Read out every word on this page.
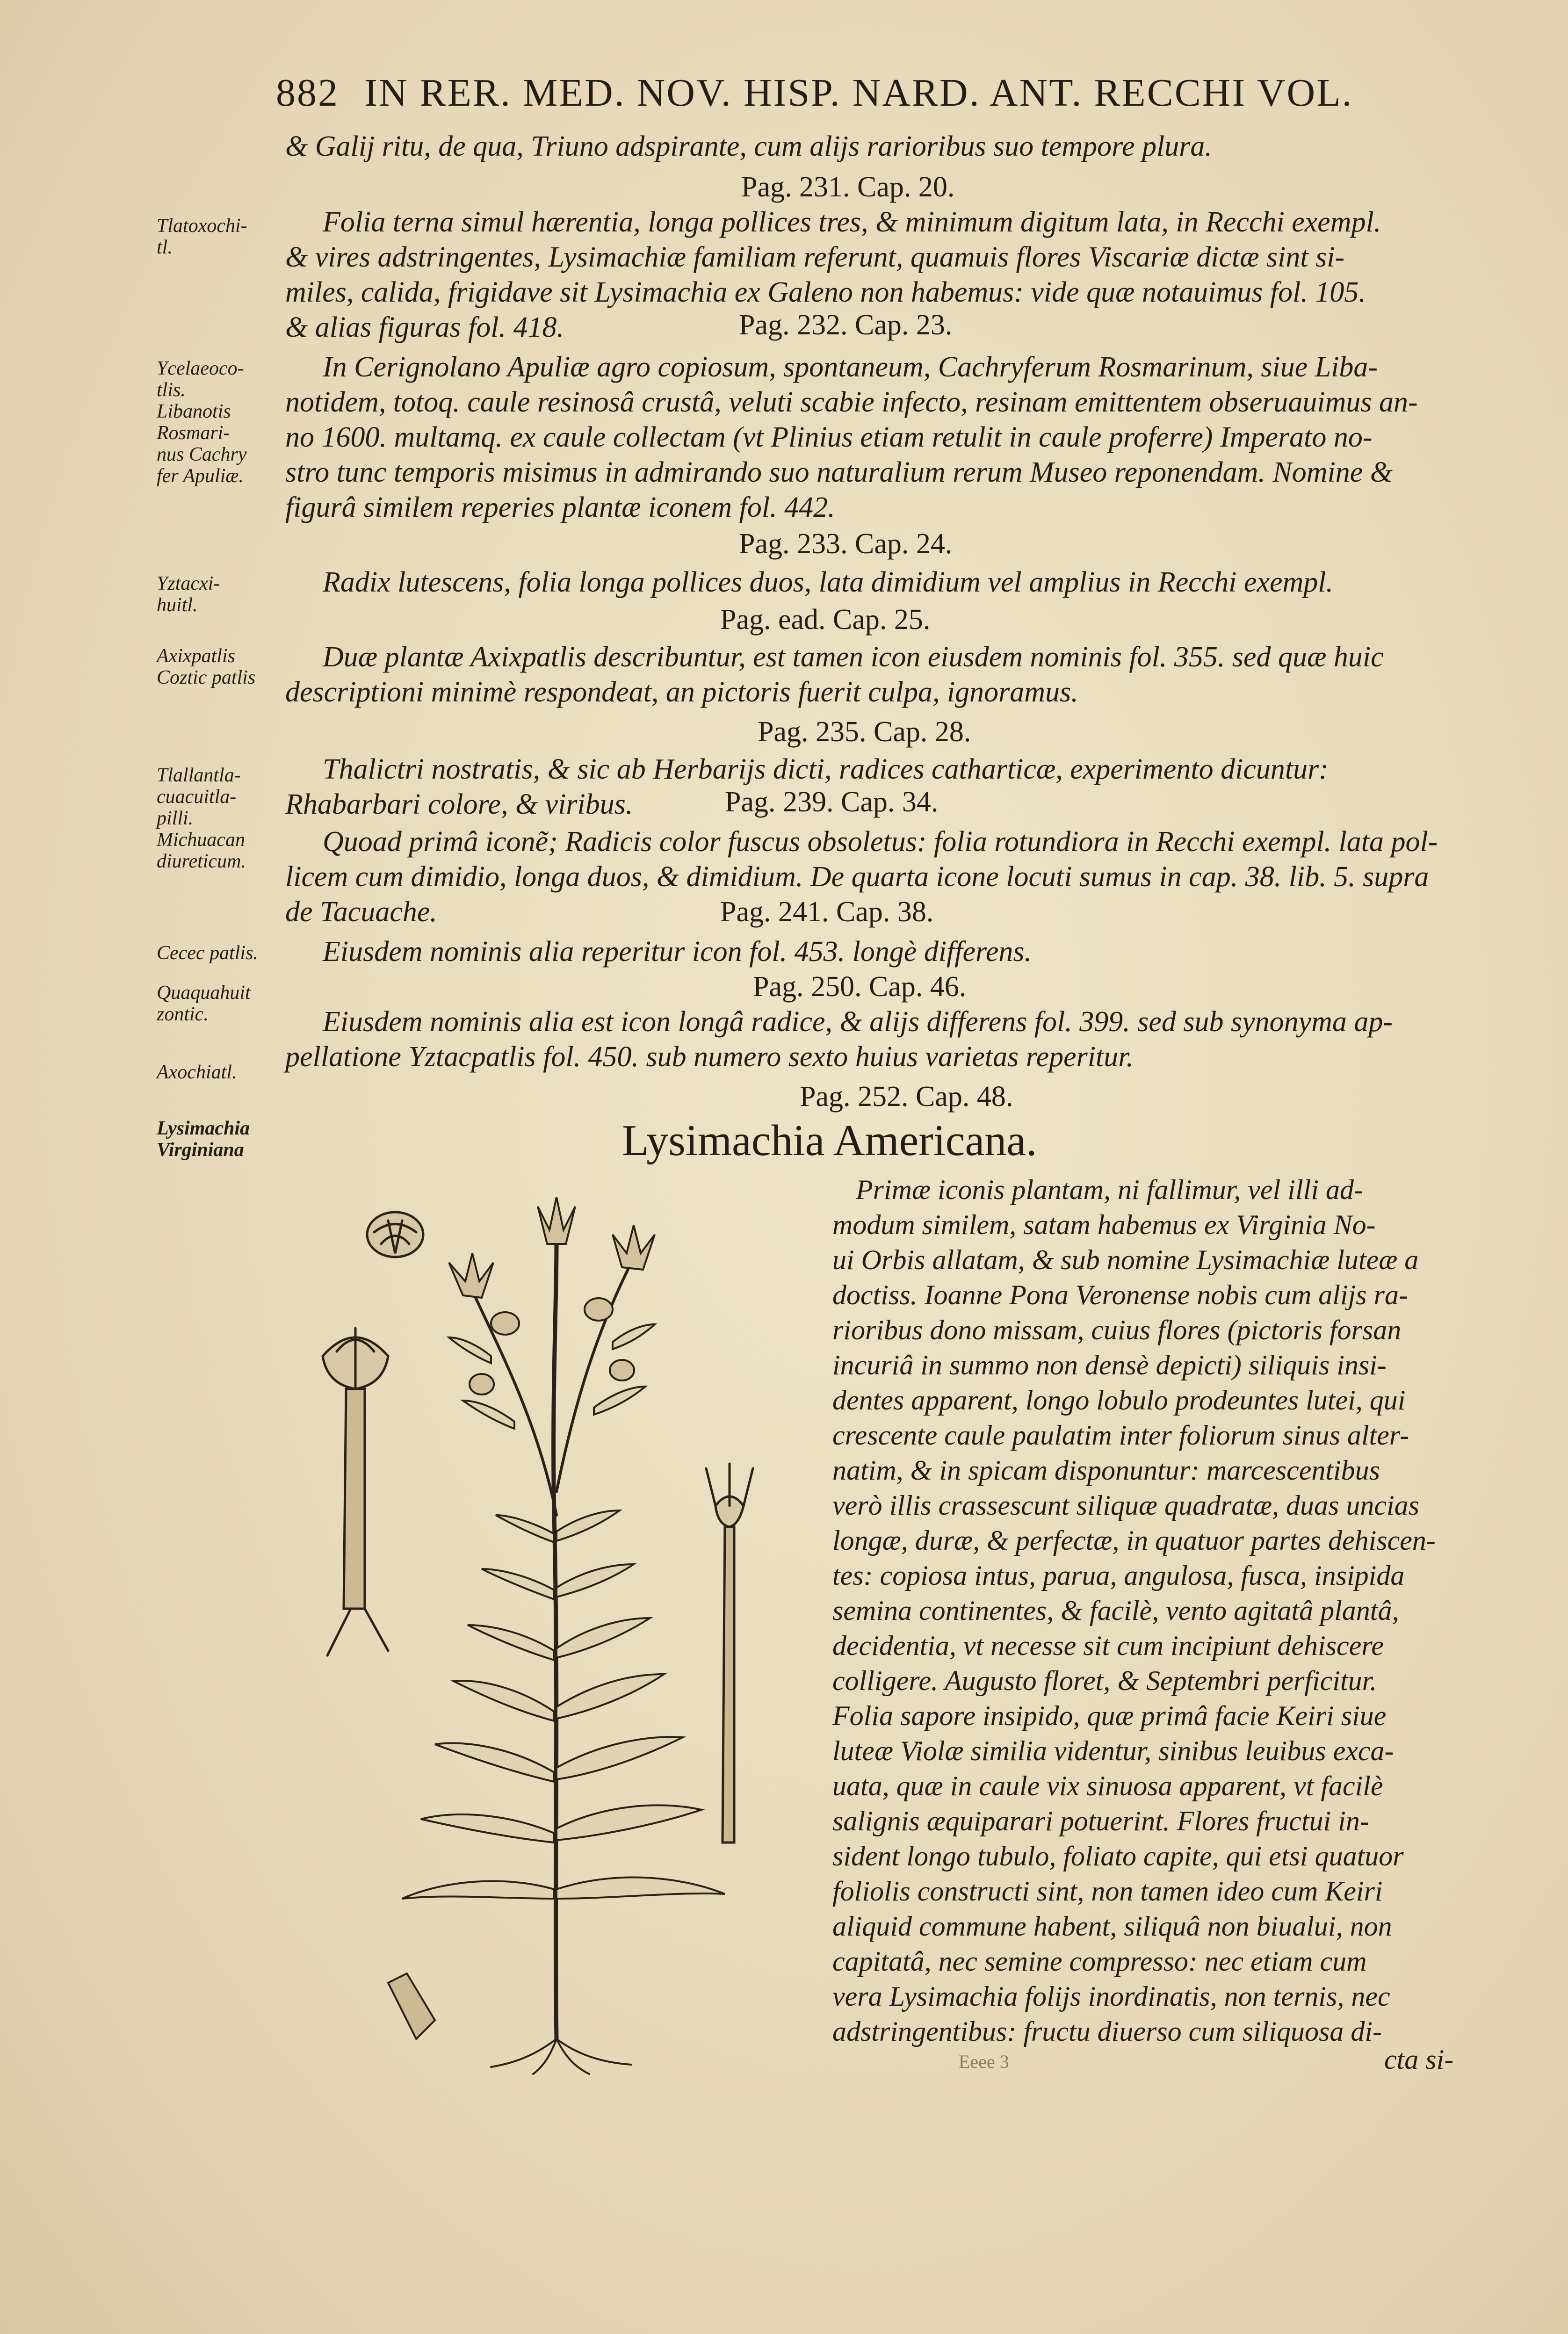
882 IN RER. MED. NOV. HISP. NARD. ANT. RECCHI VOL.
& Galij ritu, de qua, Triuno adspirante, cum alijs rarioribus suo tempore plura.
Pag. 231. Cap. 20.
Folia terna simul hærentia, longa pollices tres, & minimum digitum lata, in Recchi exempl.
& vires adstringentes, Lysimachiæ familiam referunt, quamuis flores Viscariæ dictæ sint si-
miles, calida, frigidave sit Lysimachia ex Galeno non habemus: vide quæ notauimus fol. 105.
& alias figuras fol. 418.	Pag. 232. Cap. 23.
In Cerignolano Apuliæ agro copiosum, spontaneum, Cachryferum Rosmarinum, siue Liba-
notidem, totoq. caule resinosâ crustâ, veluti scabie infecto, resinam emittentem obseruauimus an-
no 1600. multamq. ex caule collectam (vt Plinius etiam retulit in caule proferre) Imperato no-
stro tunc temporis misimus in admirando suo naturalium rerum Museo reponendam. Nomine &
figurâ similem reperies plantæ iconem fol. 442.
Pag. 233. Cap. 24.
Radix lutescens, folia longa pollices duos, lata dimidium vel amplius in Recchi exempl.
Pag. ead. Cap. 25.
Duæ plantæ Axixpatlis describuntur, est tamen icon eiusdem nominis fol. 355. sed quæ huic
descriptioni minimè respondeat, an pictoris fuerit culpa, ignoramus.
Pag. 235. Cap. 28.
Thalictri nostratis, & sic ab Herbarijs dicti, radices catharticæ, experimento dicuntur:
Rhabarbari colore, & viribus.	Pag. 239. Cap. 34.
Quoad primâ iconẽ; Radicis color fuscus obsoletus: folia rotundiora in Recchi exempl. lata pol-
licem cum dimidio, longa duos, & dimidium. De quarta icone locuti sumus in cap. 38. lib. 5. supra
de Tacuache.	Pag. 241. Cap. 38.
Eiusdem nominis alia reperitur icon fol. 453. longè differens.
Pag. 250. Cap. 46.
Eiusdem nominis alia est icon longâ radice, & alijs differens fol. 399. sed sub synonyma ap-
pellatione Yztacpatlis fol. 450. sub numero sexto huius varietas reperitur.
Pag. 252. Cap. 48.
Tlatoxochi-
tl.
Ycelaeoco-
tlis.
Libanotis
Rosmari-
nus Cachry
fer Apuliæ.
Yztacxi-
huitl.
Axixpatlis
Coztic patlis
Tlallantla-
cuacuitla-
pilli.
Michuacan
diureticum.
Cecec patlis.
Quaquahuit
zontic.
Axochiatl.
Lysimachia
Virginiana	Lysimachia Americana.
Primæ iconis plantam, ni fallimur, vel illi ad-
modum similem, satam habemus ex Virginia No-
ui Orbis allatam, & sub nomine Lysimachiæ luteæ a
doctiss. Ioanne Pona Veronense nobis cum alijs ra-
rioribus dono missam, cuius flores (pictoris forsan
incuriâ in summo non densè depicti) siliquis insi-
dentes apparent, longo lobulo prodeuntes lutei, qui
crescente caule paulatim inter foliorum sinus alter-
natim, & in spicam disponuntur: marcescentibus
verò illis crassescunt siliquæ quadratæ, duas uncias
longæ, duræ, & perfectæ, in quatuor partes dehiscen-
tes: copiosa intus, parua, angulosa, fusca, insipida
semina continentes, & facilè, vento agitatâ plantâ,
decidentia, vt necesse sit cum incipiunt dehiscere
colligere. Augusto floret, & Septembri perficitur.
Folia sapore insipido, quæ primâ facie Keiri siue
luteæ Violæ similia videntur, sinibus leuibus exca-
uata, quæ in caule vix sinuosa apparent, vt facilè
salignis æquiparari potuerint. Flores fructui in-
sident longo tubulo, foliato capite, qui etsi quatuor
foliolis constructi sint, non tamen ideo cum Keiri
aliquid commune habent, siliquâ non biualui, non
capitatâ, nec semine compresso: nec etiam cum
vera Lysimachia folijs inordinatis, non ternis, nec
adstringentibus: fructu diuerso cum siliquosa di-
cta si-
Eeee 3
